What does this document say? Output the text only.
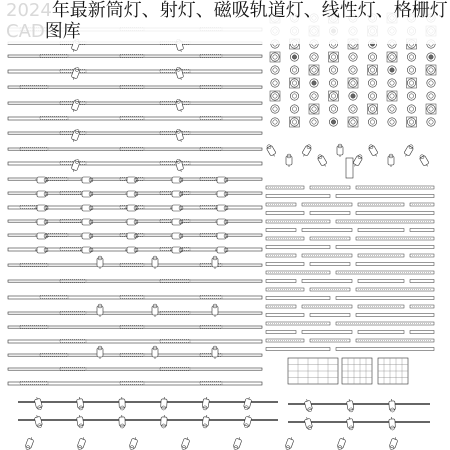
2024年最新筒灯、射灯、磁吸轨道灯、线性灯、格栅灯
CAD图库
